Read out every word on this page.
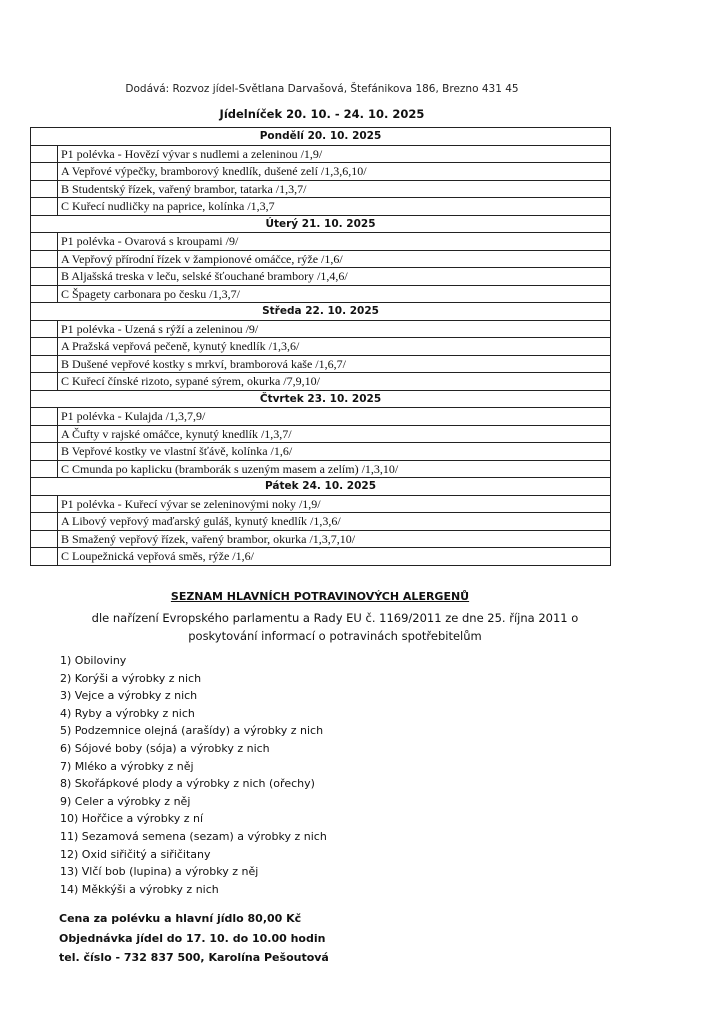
Dodává: Rozvoz jídel-Světlana Darvašová, Štefánikova 186, Brezno 431 45
Jídelníček 20. 10. - 24. 10. 2025
Pondělí 20. 10. 2025	
	P1 polévka - Hovězí vývar s nudlemi a zeleninou /1,9/
	A Vepřové výpečky, bramborový knedlík, dušené zelí /1,3,6,10/
	B Studentský řízek, vařený brambor, tatarka /1,3,7/
	C Kuřecí nudličky na paprice, kolínka /1,3,7
Úterý 21. 10. 2025	
	P1 polévka - Ovarová s kroupami /9/
	A Vepřový přírodní řízek v žampionové omáčce, rýže /1,6/
	B Aljašská treska v leču, selské šťouchané brambory /1,4,6/
	C Špagety carbonara po česku /1,3,7/
Středa 22. 10. 2025	
	P1 polévka - Uzená s rýží a zeleninou /9/
	A Pražská vepřová pečeně, kynutý knedlík /1,3,6/
	B Dušené vepřové kostky s mrkví, bramborová kaše /1,6,7/
	C Kuřecí čínské rizoto, sypané sýrem, okurka /7,9,10/
Čtvrtek 23. 10. 2025	
	P1 polévka - Kulajda /1,3,7,9/
	A Čufty v rajské omáčce, kynutý knedlík /1,3,7/
	B Vepřové kostky ve vlastní šťávě, kolínka /1,6/
	C Cmunda po kaplicku (bramborák s uzeným masem a zelím) /1,3,10/
Pátek 24. 10. 2025	
	P1 polévka - Kuřecí vývar se zeleninovými noky /1,9/
	A Libový vepřový maďarský guláš, kynutý knedlík /1,3,6/
	B Smažený vepřový řízek, vařený brambor, okurka /1,3,7,10/
	C Loupežnická vepřová směs, rýže /1,6/
SEZNAM HLAVNÍCH POTRAVINOVÝCH ALERGENŮ
dle nařízení Evropského parlamentu a Rady EU č. 1169/2011 ze dne 25. října 2011 o poskytování informací o potravinách spotřebitelům
1) Obiloviny
2) Korýši a výrobky z nich
3) Vejce a výrobky z nich
4) Ryby a výrobky z nich
5) Podzemnice olejná (arašídy) a výrobky z nich
6) Sójové boby (sója) a výrobky z nich
7) Mléko a výrobky z něj
8) Skořápkové plody a výrobky z nich (ořechy)
9) Celer a výrobky z něj
10) Hořčice a výrobky z ní
11) Sezamová semena (sezam) a výrobky z nich
12) Oxid siřičitý a siřičitany
13) Vlčí bob (lupina) a výrobky z něj
14) Měkkýši a výrobky z nich
Cena za polévku a hlavní jídlo 80,00 Kč
Objednávka jídel do 17. 10. do 10.00 hodin
tel. číslo - 732 837 500, Karolína Pešoutová
